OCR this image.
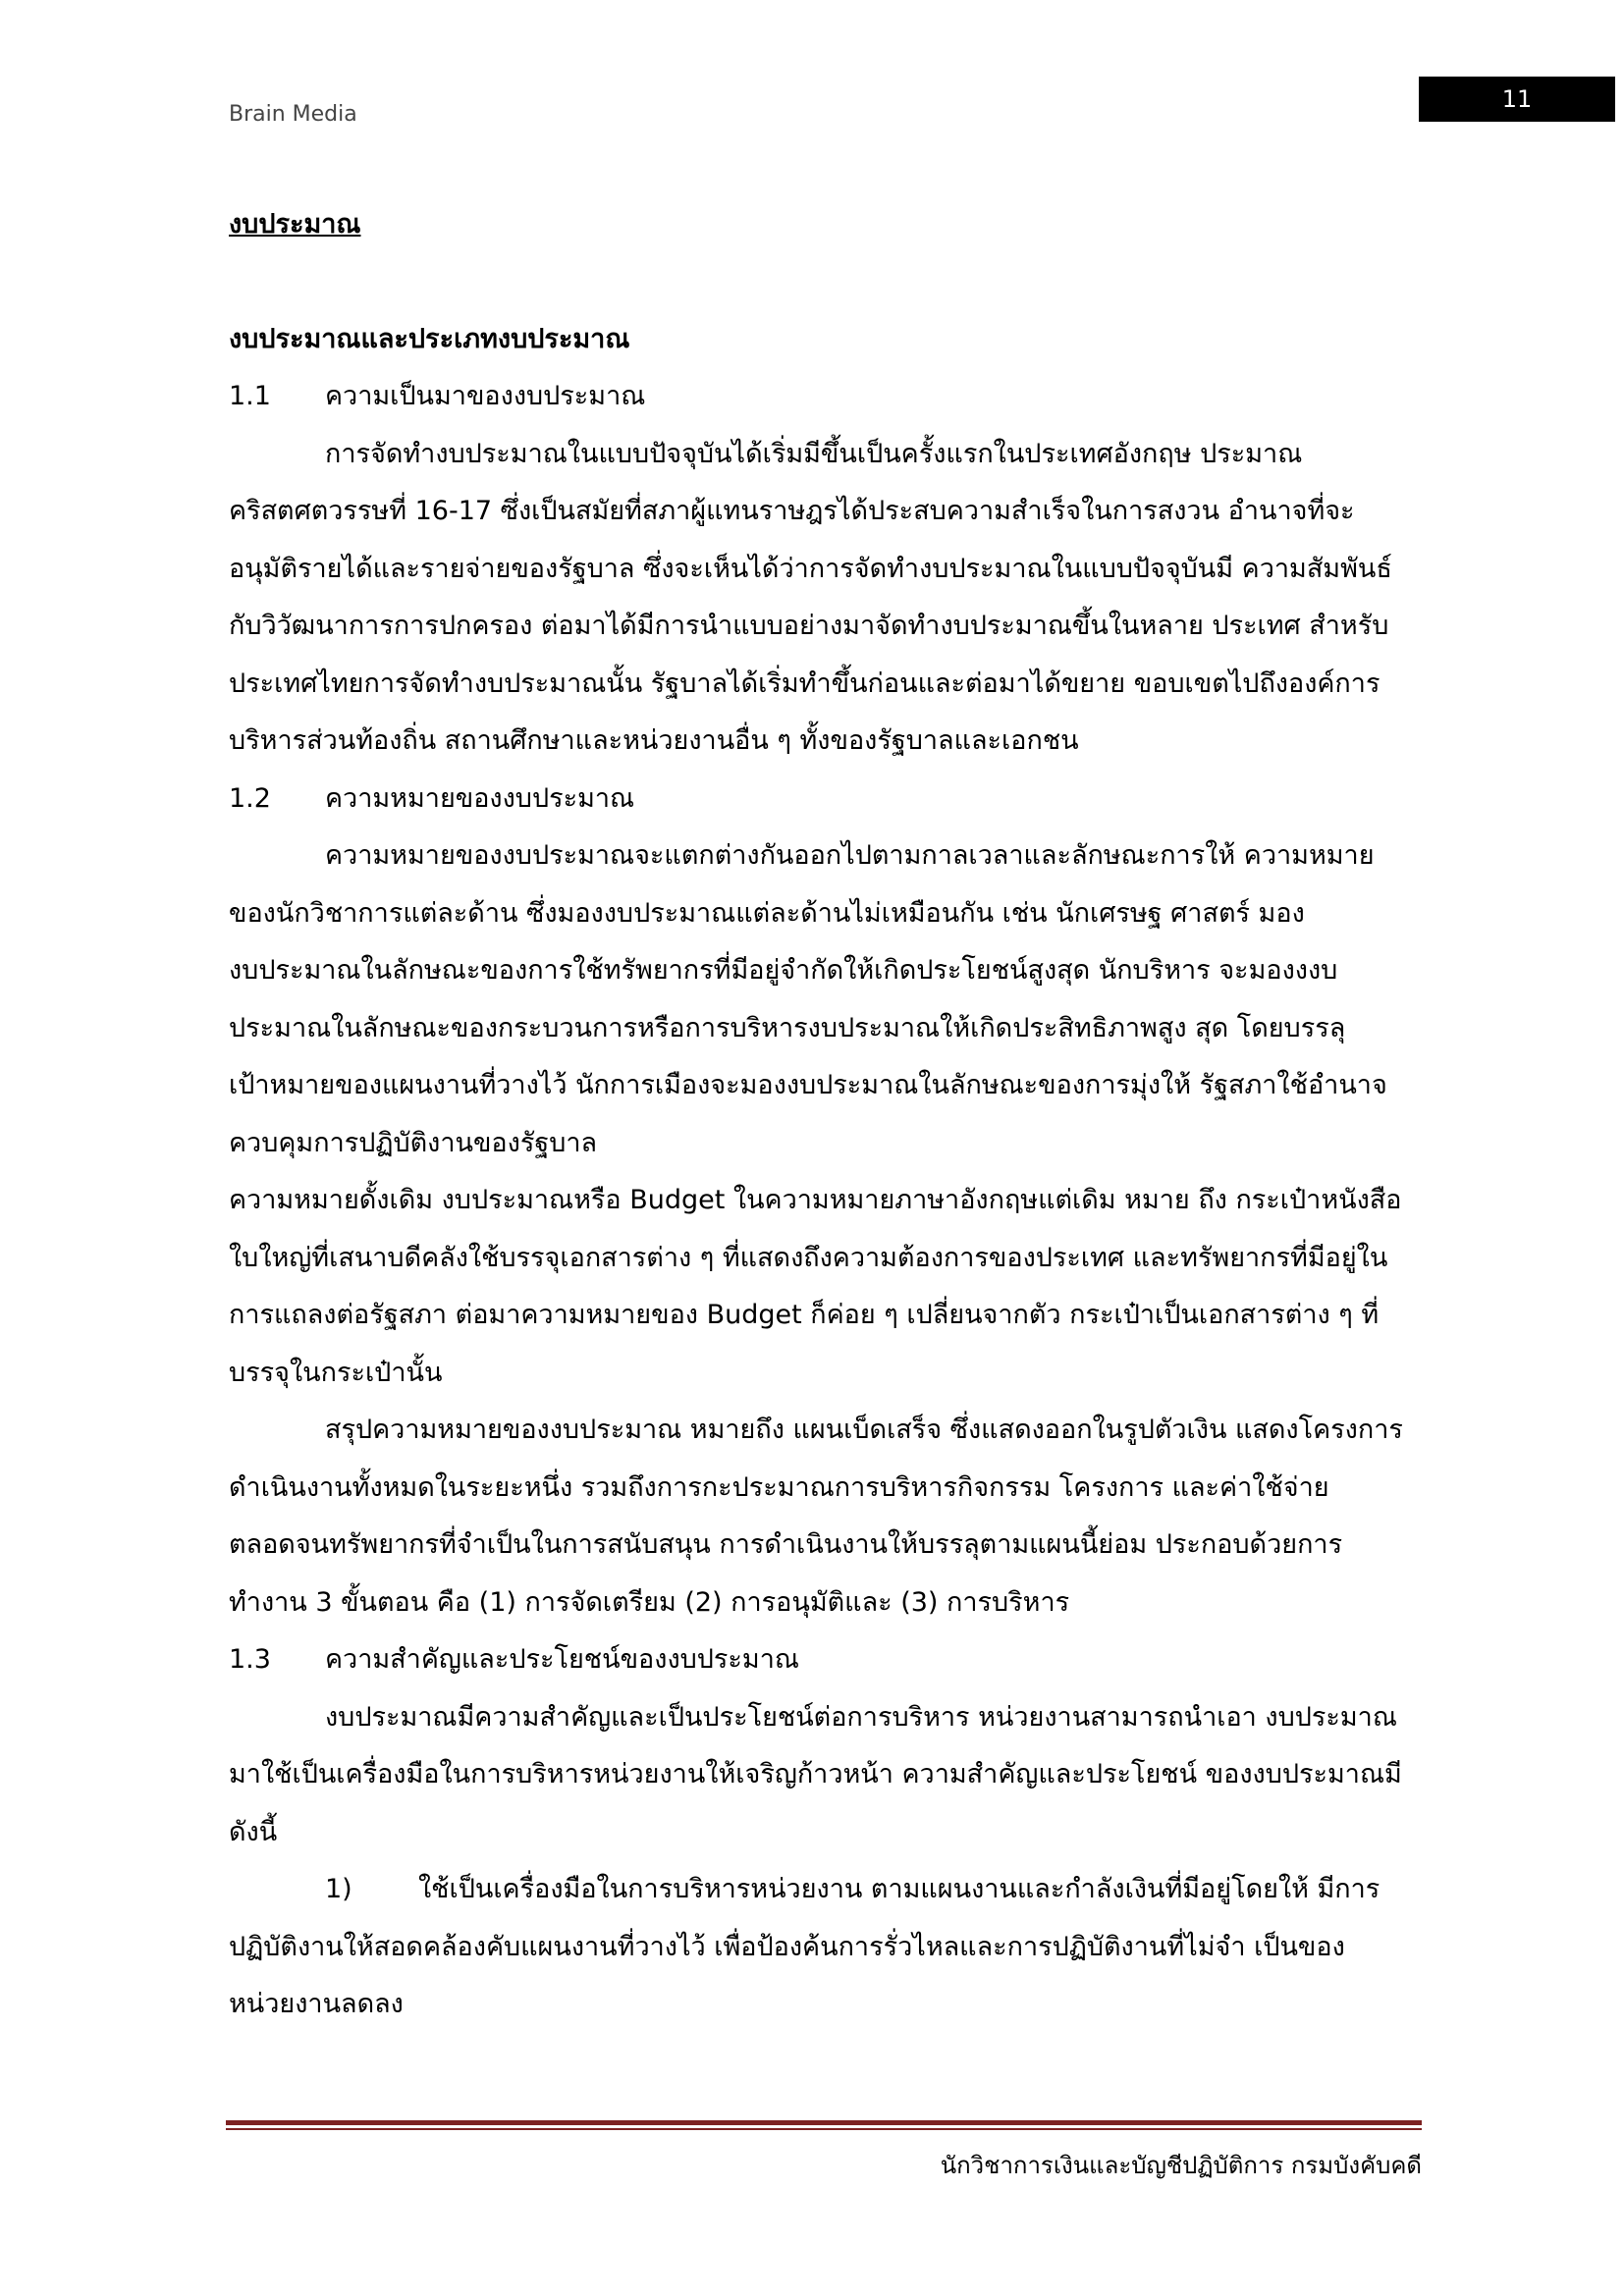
Brain Media
11

งบประมาณ

งบประมาณและประเภทงบประมาณ

1.1 ความเป็นมาของงบประมาณ

การจัดทำงบประมาณในแบบปัจจุบันได้เริ่มมีขึ้นเป็นครั้งแรกในประเทศอังกฤษ ประมาณ

คริสตศตวรรษที่ 16-17 ซึ่งเป็นสมัยที่สภาผู้แทนราษฎรได้ประสบความสำเร็จในการสงวน อำนาจที่จะ

อนุมัติรายได้และรายจ่ายของรัฐบาล ซึ่งจะเห็นได้ว่าการจัดทำงบประมาณในแบบปัจจุบันมี ความสัมพันธ์

กับวิวัฒนาการการปกครอง ต่อมาได้มีการนำแบบอย่างมาจัดทำงบประมาณขึ้นในหลาย ประเทศ สำหรับ

ประเทศไทยการจัดทำงบประมาณนั้น รัฐบาลได้เริ่มทำขึ้นก่อนและต่อมาได้ขยาย ขอบเขตไปถึงองค์การ

บริหารส่วนท้องถิ่น สถานศึกษาและหน่วยงานอื่น ๆ ทั้งของรัฐบาลและเอกชน

1.2 ความหมายของงบประมาณ

ความหมายของงบประมาณจะแตกต่างกันออกไปตามกาลเวลาและลักษณะการให้ ความหมาย

ของนักวิชาการแต่ละด้าน ซึ่งมองงบประมาณแต่ละด้านไม่เหมือนกัน เช่น นักเศรษฐ ศาสตร์ มอง

งบประมาณในลักษณะของการใช้ทรัพยากรที่มีอยู่จำกัดให้เกิดประโยชน์สูงสุด นักบริหาร จะมองงงบ

ประมาณในลักษณะของกระบวนการหรือการบริหารงบประมาณให้เกิดประสิทธิภาพสูง สุด โดยบรรลุ

เป้าหมายของแผนงานที่วางไว้ นักการเมืองจะมองงบประมาณในลักษณะของการมุ่งให้ รัฐสภาใช้อำนาจ

ควบคุมการปฏิบัติงานของรัฐบาล

ความหมายดั้งเดิม งบประมาณหรือ Budget ในความหมายภาษาอังกฤษแต่เดิม หมาย ถึง กระเป๋าหนังสือ

ใบใหญ่ที่เสนาบดีคลังใช้บรรจุเอกสารต่าง ๆ ที่แสดงถึงความต้องการของประเทศ และทรัพยากรที่มีอยู่ใน

การแถลงต่อรัฐสภา ต่อมาความหมายของ Budget ก็ค่อย ๆ เปลี่ยนจากตัว กระเป๋าเป็นเอกสารต่าง ๆ ที่

บรรจุในกระเป๋านั้น

สรุปความหมายของงบประมาณ หมายถึง แผนเบ็ดเสร็จ ซึ่งแสดงออกในรูปตัวเงิน แสดงโครงการ

ดำเนินงานทั้งหมดในระยะหนึ่ง รวมถึงการกะประมาณการบริหารกิจกรรม โครงการ และค่าใช้จ่าย

ตลอดจนทรัพยากรที่จำเป็นในการสนับสนุน การดำเนินงานให้บรรลุตามแผนนี้ย่อม ประกอบด้วยการ

ทำงาน 3 ขั้นตอน คือ (1) การจัดเตรียม (2) การอนุมัติและ (3) การบริหาร

1.3 ความสำคัญและประโยชน์ของงบประมาณ

งบประมาณมีความสำคัญและเป็นประโยชน์ต่อการบริหาร หน่วยงานสามารถนำเอา งบประมาณ

มาใช้เป็นเครื่องมือในการบริหารหน่วยงานให้เจริญก้าวหน้า ความสำคัญและประโยชน์ ของงบประมาณมี

ดังนี้

1) ใช้เป็นเครื่องมือในการบริหารหน่วยงาน ตามแผนงานและกำลังเงินที่มีอยู่โดยให้ มีการ

ปฏิบัติงานให้สอดคล้องคับแผนงานที่วางไว้ เพื่อป้องค้นการรั่วไหลและการปฏิบัติงานที่ไม่จำ เป็นของ

หน่วยงานลดลง

นักวิชาการเงินและบัญชีปฏิบัติการ กรมบังคับคดี
